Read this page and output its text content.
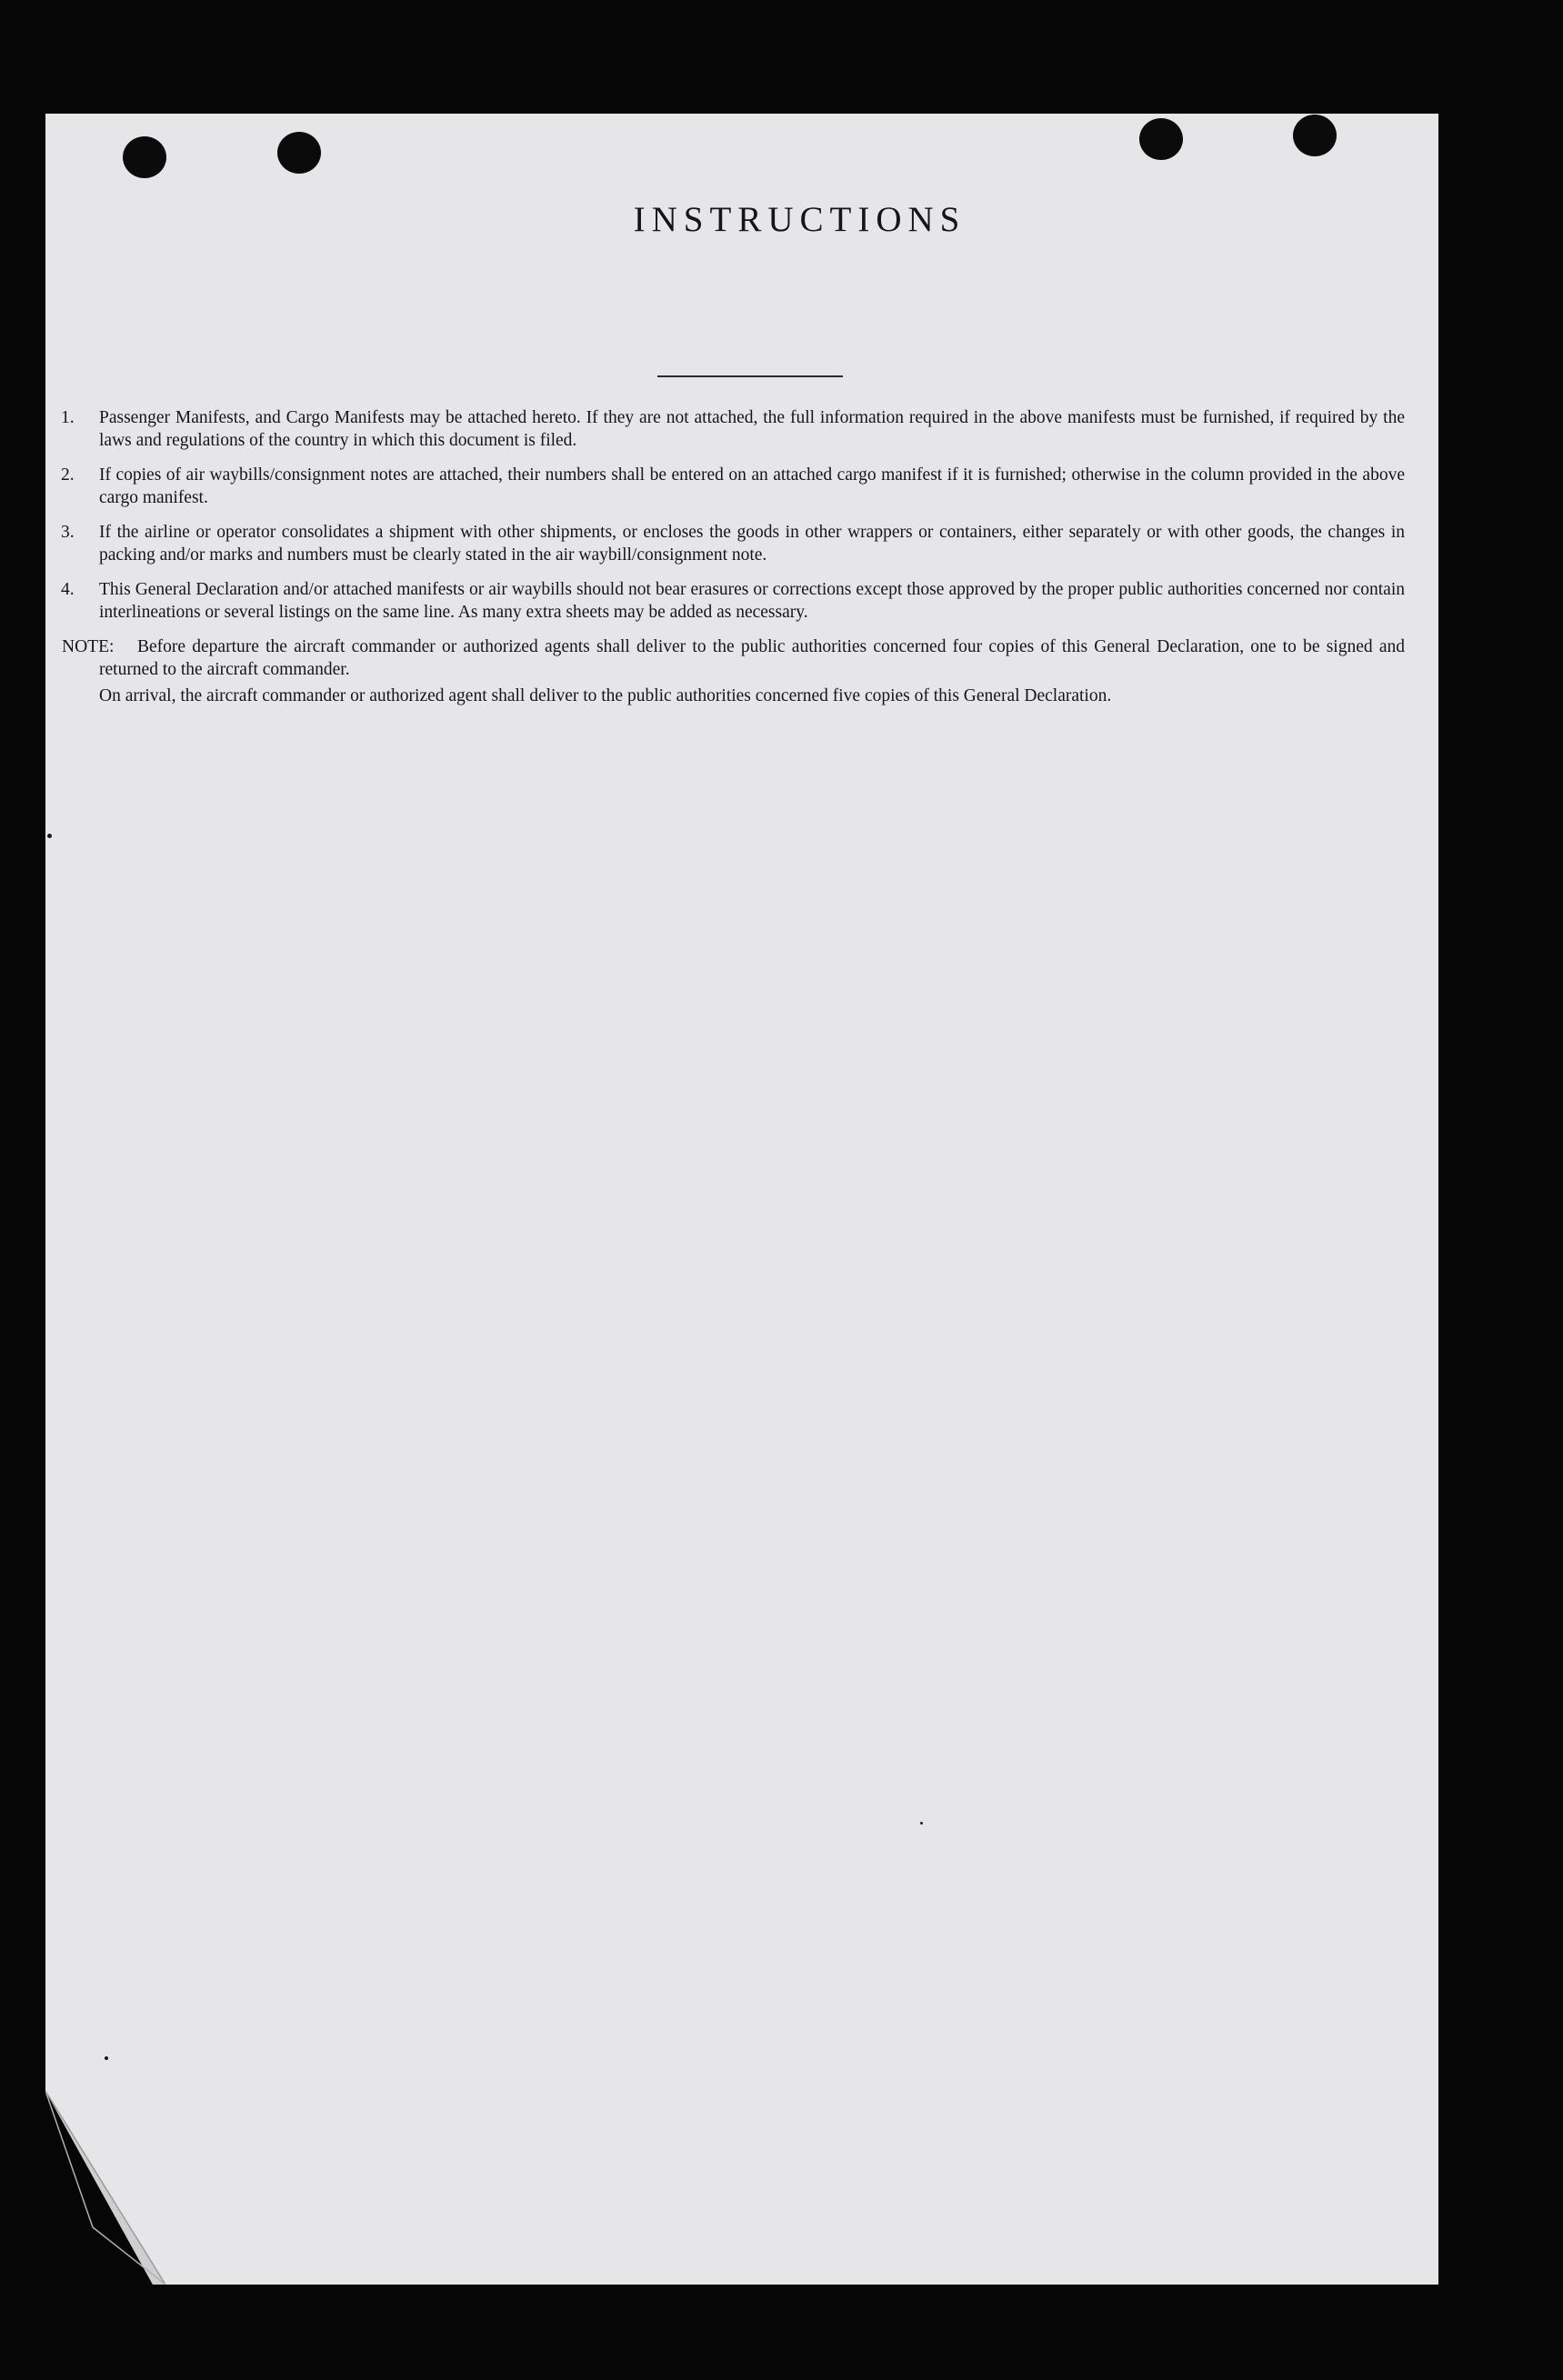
INSTRUCTIONS
1. Passenger Manifests, and Cargo Manifests may be attached hereto. If they are not attached, the full information required in the above manifests must be furnished, if required by the laws and regulations of the country in which this document is filed.
2. If copies of air waybills/consignment notes are attached, their numbers shall be entered on an attached cargo manifest if it is furnished; otherwise in the column provided in the above cargo manifest.
3. If the airline or operator consolidates a shipment with other shipments, or encloses the goods in other wrappers or containers, either separately or with other goods, the changes in packing and/or marks and numbers must be clearly stated in the air waybill/consignment note.
4. This General Declaration and/or attached manifests or air waybills should not bear erasures or corrections except those approved by the proper public authorities concerned nor contain interlineations or several listings on the same line. As many extra sheets may be added as necessary.
NOTE:	Before departure the aircraft commander or authorized agents shall deliver to the public authorities concerned four copies of this General Declaration, one to be signed and returned to the aircraft commander.
On arrival, the aircraft commander or authorized agent shall deliver to the public authorities concerned five copies of this General Declaration.
